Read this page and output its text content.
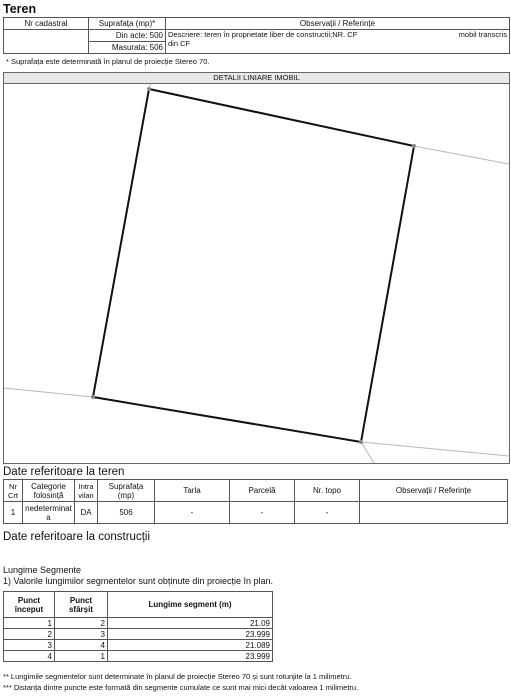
Teren
Nr cadastral	Suprafața (mp)*	Observații / Referințe
	Din acte: 500	Descriere: teren în proprietate liber de constructii;NR. CF mobil transcris
din CF

	Masurata: 506	
* Suprafața este determinată în planul de proiecție Stereo 70.
DETALII LINIARE IMOBIL
Date referitoare la teren
Nr Crt	Categorie folosință	Intra vilan	Suprafața (mp)	Tarla	Parcelă	Nr. topo	Observații / Referințe
1	nedeterminata	DA	506	-	-	-	
Date referitoare la construcții
Lungime Segmente
1) Valorile lungimilor segmentelor sunt obținute din proiecție în plan.
Punct început	Punct sfârșit	Lungime segment (m)
1	2	21.09
2	3	23.999
3	4	21.089
4	1	23.999
** Lungimile segmentelor sunt determinate în planul de proiecție Stereo 70 și sunt rotunjite la 1 milimetru.
*** Distanța dintre puncte este formată din segmente cumulate ce sunt mai mici decât valoarea 1 milimetru.
